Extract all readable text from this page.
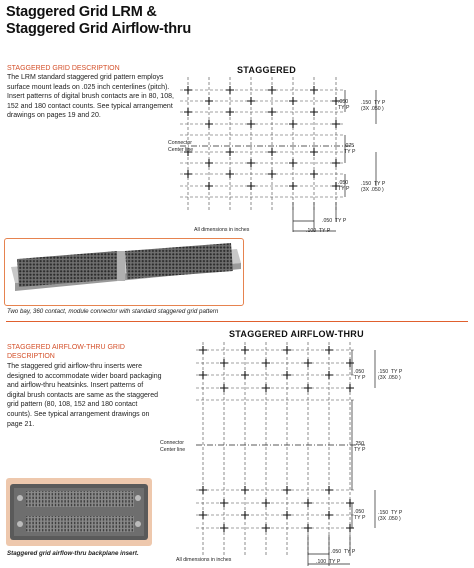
Staggered Grid LRM &
Staggered Grid Airflow-thru
STAGGERED GRID DESCRIPTION
The LRM standard staggered grid pattern employs surface mount leads on .025 inch centerlines (pitch). Insert patterns of digital brush contacts are in 80, 108, 152 and 180 contact counts. See typical arrangement drawings on pages 19 and 20.
STAGGERED
Connector
Center line
.050
TY P
.150  TY P
(3X .050 )
.075
TY P
.050
TY P
.150  TY P
(3X .050 )
.050  TY P
.100  TY P
All dimensions in inches
Two bay, 360 contact, module connector with standard staggered grid pattern
STAGGERED AIRFLOW-THRU GRID DESCRIPTION
The staggered grid airflow-thru inserts were designed to accommodate wider board packaging and airflow-thru heatsinks. Insert patterns of digital brush contacts are same as the staggered grid pattern (80, 108, 152 and 180 contact counts). See typical arrangement drawings on page 21.
STAGGERED AIRFLOW-THRU
Connector
Center line
.050
TY P
.150  TY P
(3X .050 )
.250
TY P
.050
TY P
.150  TY P
(3X .050 )
.050  TY P
.100  TY P
All dimensions in inches
Staggered grid airflow-thru backplane insert.
